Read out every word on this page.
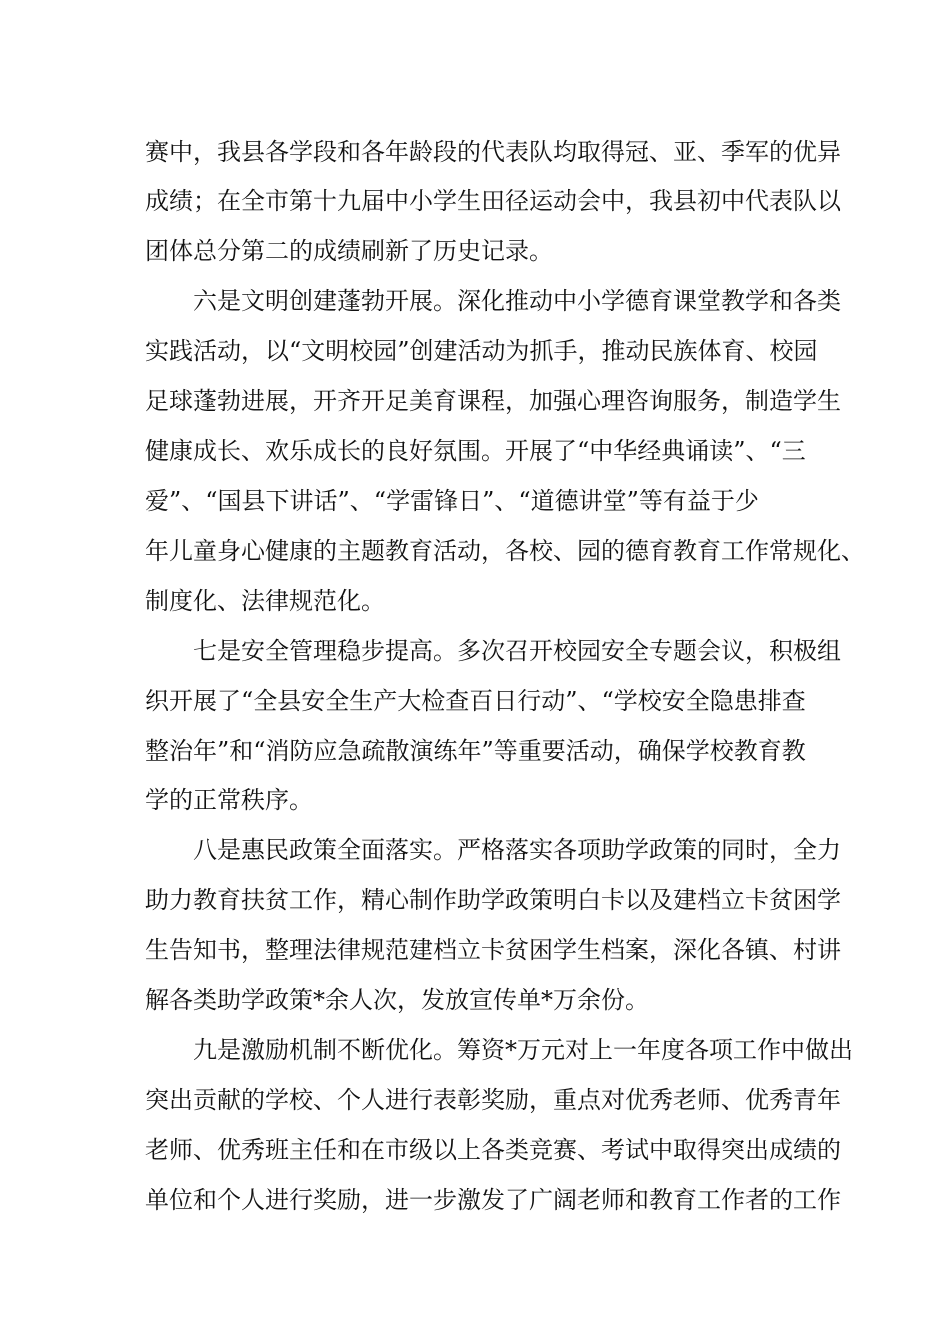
赛中，我县各学段和各年龄段的代表队均取得冠、亚、季军的优异
成绩；在全市第十九届中小学生田径运动会中，我县初中代表队以
团体总分第二的成绩刷新了历史记录。
六是文明创建蓬勃开展。深化推动中小学德育课堂教学和各类
实践活动，以“文明校园”创建活动为抓手，推动民族体育、校园
足球蓬勃进展，开齐开足美育课程，加强心理咨询服务，制造学生
健康成长、欢乐成长的良好氛围。开展了“中华经典诵读”、“三
爱”、“国县下讲话”、“学雷锋日”、“道德讲堂”等有益于少
年儿童身心健康的主题教育活动，各校、园的德育教育工作常规化、
制度化、法律规范化。
七是安全管理稳步提高。多次召开校园安全专题会议，积极组
织开展了“全县安全生产大检查百日行动”、“学校安全隐患排查
整治年”和“消防应急疏散演练年”等重要活动，确保学校教育教
学的正常秩序。
八是惠民政策全面落实。严格落实各项助学政策的同时，全力
助力教育扶贫工作，精心制作助学政策明白卡以及建档立卡贫困学
生告知书，整理法律规范建档立卡贫困学生档案，深化各镇、村讲
解各类助学政策*余人次，发放宣传单*万余份。
九是激励机制不断优化。筹资*万元对上一年度各项工作中做出
突出贡献的学校、个人进行表彰奖励，重点对优秀老师、优秀青年
老师、优秀班主任和在市级以上各类竞赛、考试中取得突出成绩的
单位和个人进行奖励，进一步激发了广阔老师和教育工作者的工作
